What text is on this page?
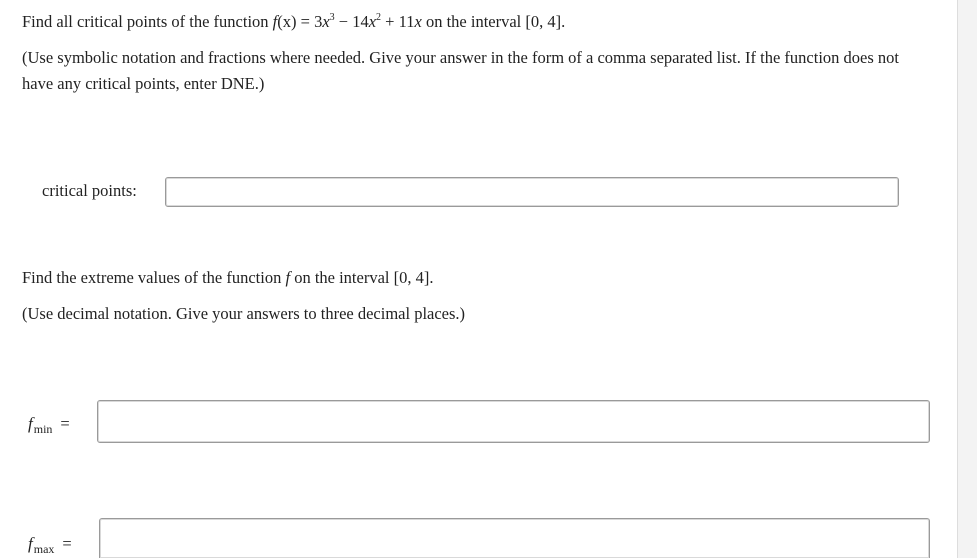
Find all critical points of the function $f(x) = 3x^3 - 14x^2 + 11x$ on the interval [0, 4].
(Use symbolic notation and fractions where needed. Give your answer in the form of a comma separated list. If the function does not have any critical points, enter DNE.)
critical points:
Find the extreme values of the function f on the interval [0, 4].
(Use decimal notation. Give your answers to three decimal places.)
$f_{min}$ =
$f_{max}$ =
